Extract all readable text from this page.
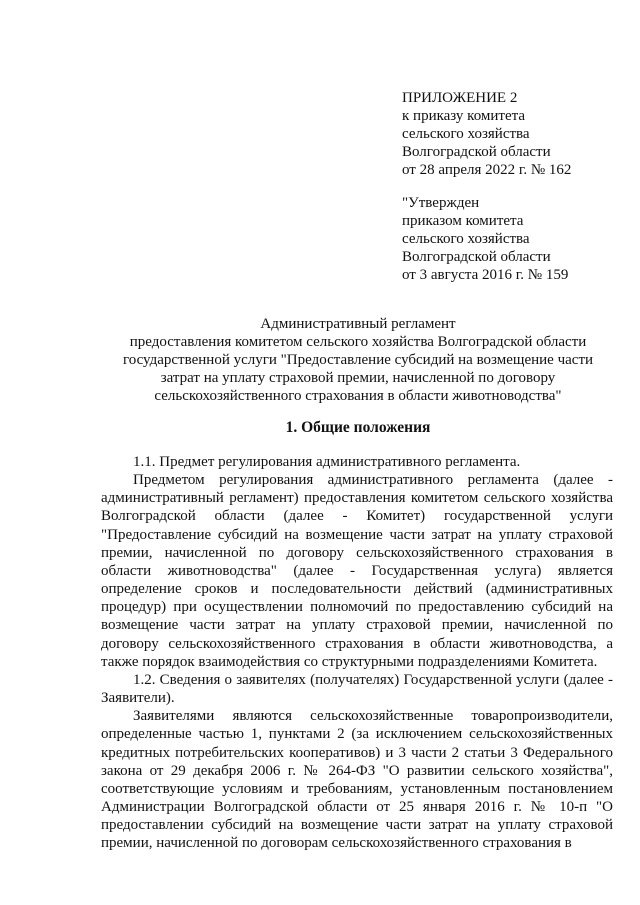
ПРИЛОЖЕНИЕ 2
к приказу комитета
сельского хозяйства
Волгоградской области
от 28 апреля 2022 г. № 162
"Утвержден
приказом комитета
сельского хозяйства
Волгоградской области
от 3 августа 2016 г. № 159
Административный регламент
предоставления комитетом сельского хозяйства Волгоградской области
государственной услуги "Предоставление субсидий на возмещение части
затрат на уплату страховой премии, начисленной по договору
сельскохозяйственного страхования в области животноводства"
1. Общие положения

1.1. Предмет регулирования административного регламента.

Предметом регулирования административного регламента (далее - административный регламент) предоставления комитетом сельского хозяйства Волгоградской области (далее - Комитет) государственной услуги "Предоставление субсидий на возмещение части затрат на уплату страховой премии, начисленной по договору сельскохозяйственного страхования в области животноводства" (далее - Государственная услуга) является определение сроков и последовательности действий (административных процедур) при осуществлении полномочий по предоставлению субсидий на возмещение части затрат на уплату страховой премии, начисленной по договору сельскохозяйственного страхования в области животноводства, а также порядок взаимодействия со структурными подразделениями Комитета.

1.2. Сведения о заявителях (получателях) Государственной услуги (далее - Заявители).

Заявителями являются сельскохозяйственные товаропроизводители, определенные частью 1, пунктами 2 (за исключением сельскохозяйственных кредитных потребительских кооперативов) и 3 части 2 статьи 3 Федерального закона от 29 декабря 2006 г. № 264-ФЗ "О развитии сельского хозяйства", соответствующие условиям и требованиям, установленным постановлением Администрации Волгоградской области от 25 января 2016 г. № 10-п "О предоставлении субсидий на возмещение части затрат на уплату страховой премии, начисленной по договорам сельскохозяйственного страхования в
